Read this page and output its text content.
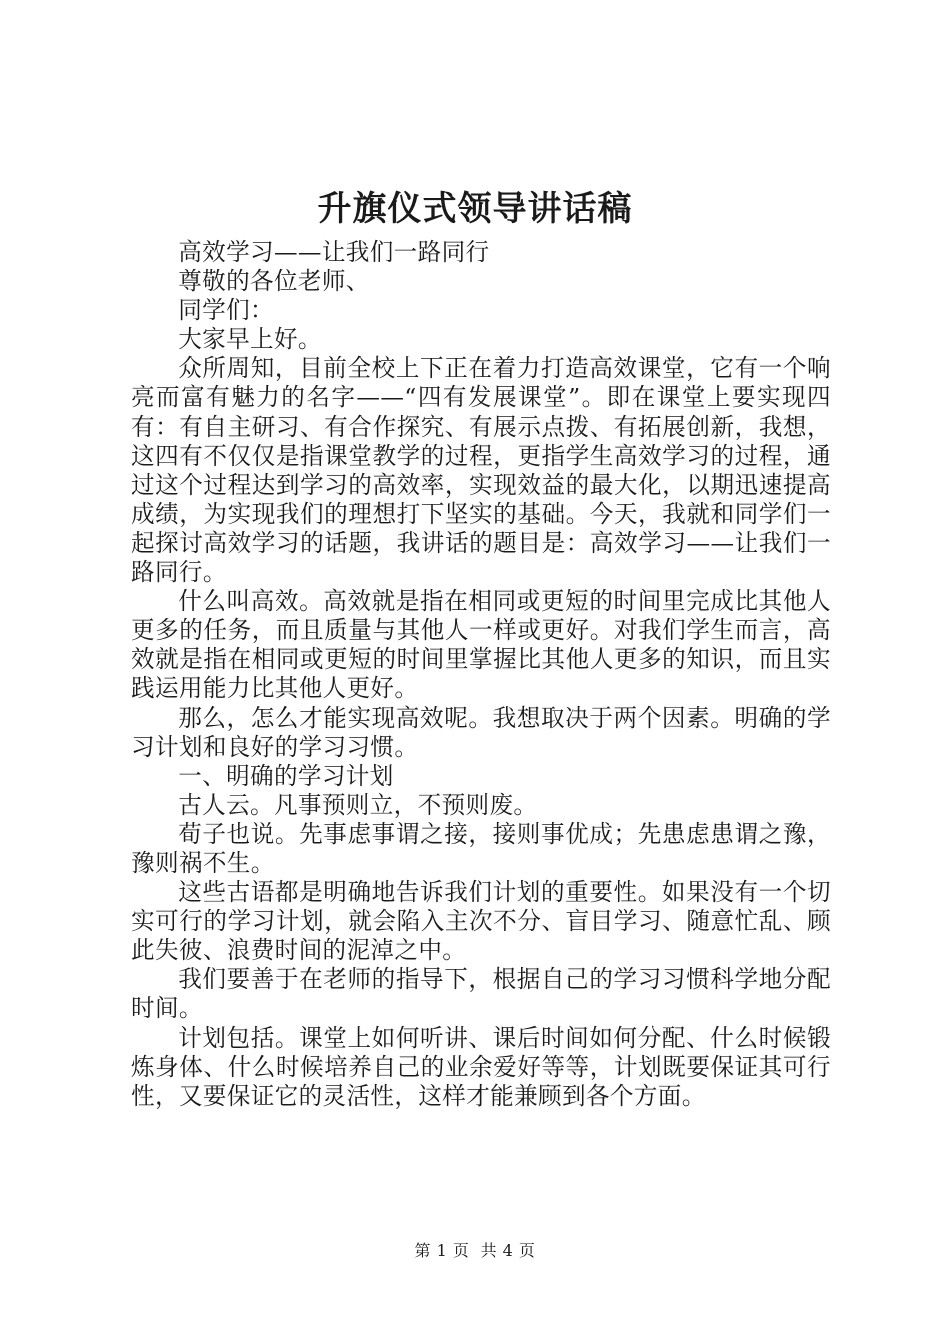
升旗仪式领导讲话稿

高效学习——让我们一路同行

尊敬的各位老师、

同学们：

大家早上好。

众所周知，目前全校上下正在着力打造高效课堂，它有一个响亮而富有魅力的名字——“四有发展课堂”。即在课堂上要实现四有：有自主研习、有合作探究、有展示点拨、有拓展创新，我想，这四有不仅仅是指课堂教学的过程，更指学生高效学习的过程，通过这个过程达到学习的高效率，实现效益的最大化，以期迅速提高成绩，为实现我们的理想打下坚实的基础。今天，我就和同学们一起探讨高效学习的话题，我讲话的题目是：高效学习——让我们一路同行。

什么叫高效。高效就是指在相同或更短的时间里完成比其他人更多的任务，而且质量与其他人一样或更好。对我们学生而言，高效就是指在相同或更短的时间里掌握比其他人更多的知识，而且实践运用能力比其他人更好。

那么，怎么才能实现高效呢。我想取决于两个因素。明确的学习计划和良好的学习习惯。

一、明确的学习计划

古人云。凡事预则立，不预则废。

荀子也说。先事虑事谓之接，接则事优成；先患虑患谓之豫，豫则祸不生。

这些古语都是明确地告诉我们计划的重要性。如果没有一个切实可行的学习计划，就会陷入主次不分、盲目学习、随意忙乱、顾此失彼、浪费时间的泥淖之中。

我们要善于在老师的指导下，根据自己的学习习惯科学地分配时间。

计划包括。课堂上如何听讲、课后时间如何分配、什么时候锻炼身体、什么时候培养自己的业余爱好等等，计划既要保证其可行性，又要保证它的灵活性，这样才能兼顾到各个方面。

第 1 页  共 4 页
